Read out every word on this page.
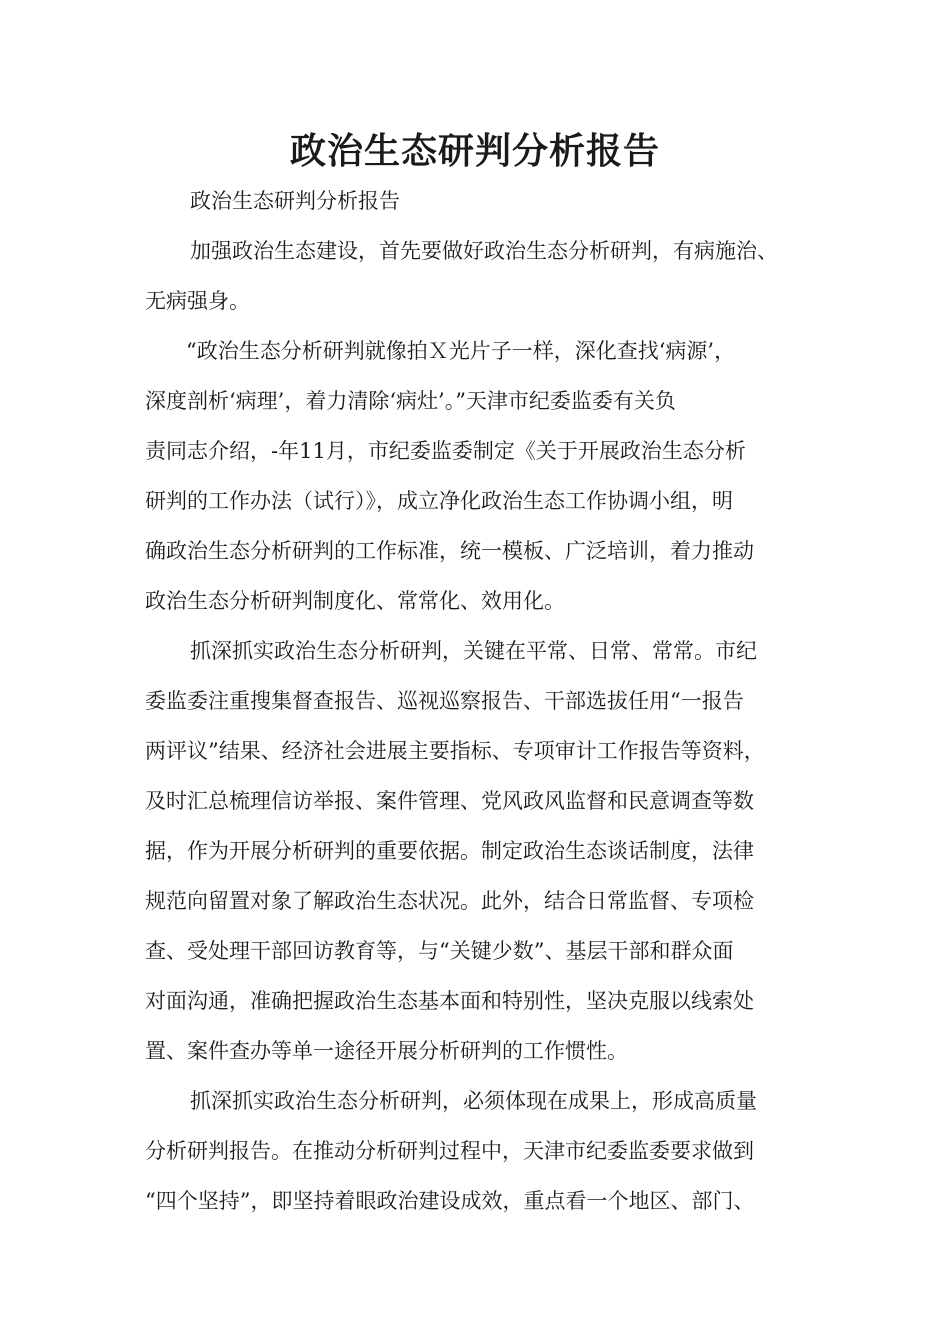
政治生态研判分析报告

政治生态研判分析报告

加强政治生态建设，首先要做好政治生态分析研判，有病施治、

无病强身。

“政治生态分析研判就像拍Ｘ光片子一样，深化查找‘病源’，

深度剖析‘病理’，着力清除‘病灶’。”天津市纪委监委有关负

责同志介绍，-年11月，市纪委监委制定《关于开展政治生态分析

研判的工作办法（试行）》，成立净化政治生态工作协调小组，明

确政治生态分析研判的工作标准，统一模板、广泛培训，着力推动

政治生态分析研判制度化、常常化、效用化。

抓深抓实政治生态分析研判，关键在平常、日常、常常。市纪

委监委注重搜集督查报告、巡视巡察报告、干部选拔任用“一报告

两评议”结果、经济社会进展主要指标、专项审计工作报告等资料，

及时汇总梳理信访举报、案件管理、党风政风监督和民意调查等数

据，作为开展分析研判的重要依据。制定政治生态谈话制度，法律

规范向留置对象了解政治生态状况。此外，结合日常监督、专项检

查、受处理干部回访教育等，与“关键少数”、基层干部和群众面

对面沟通，准确把握政治生态基本面和特别性，坚决克服以线索处

置、案件查办等单一途径开展分析研判的工作惯性。

抓深抓实政治生态分析研判，必须体现在成果上，形成高质量

分析研判报告。在推动分析研判过程中，天津市纪委监委要求做到

“四个坚持”，即坚持着眼政治建设成效，重点看一个地区、部门、
